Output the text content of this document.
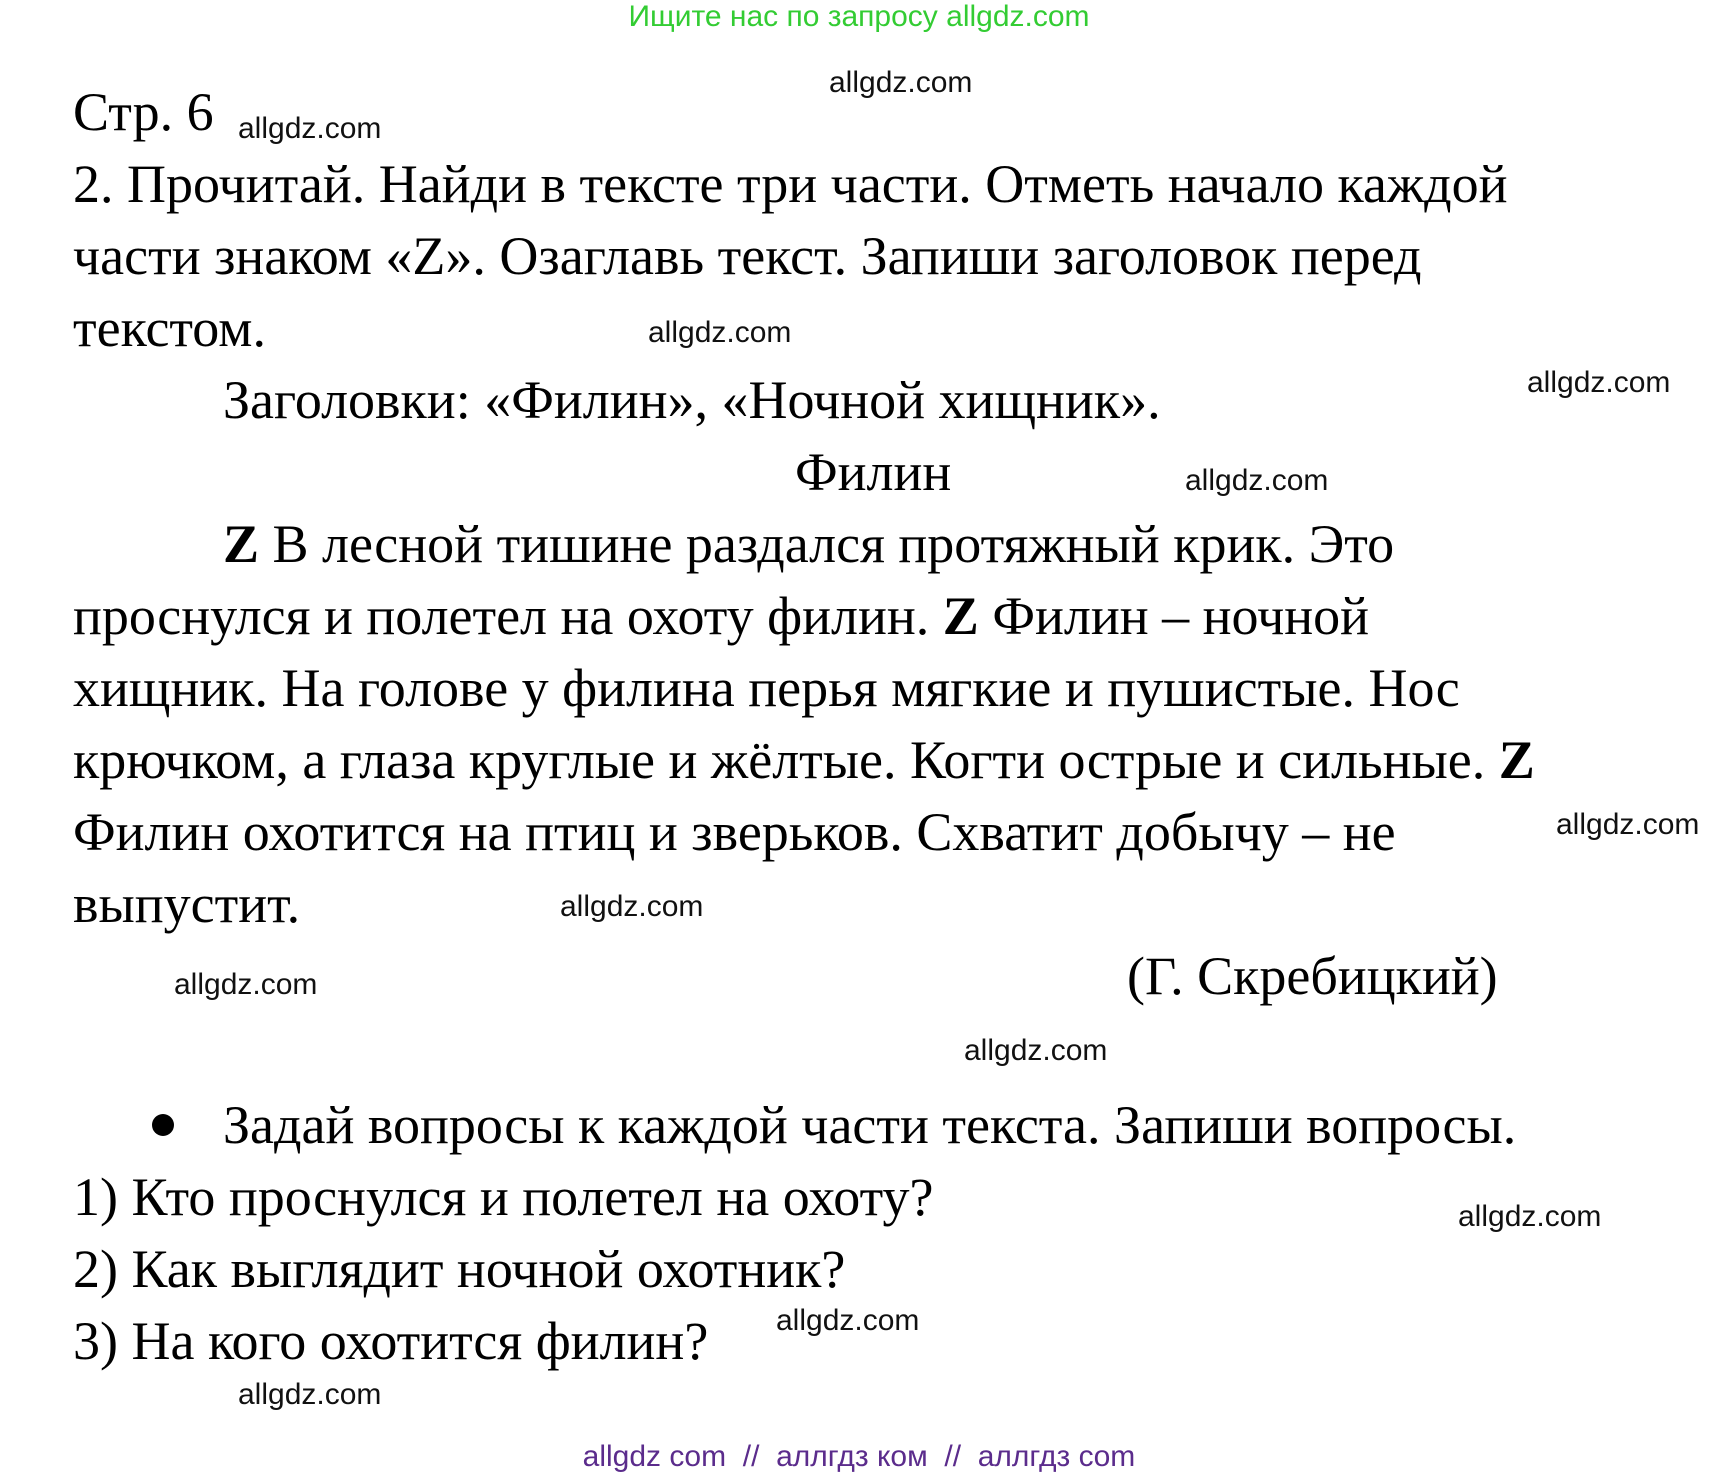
Ищите нас по запросу allgdz.com
Стр. 6
2. Прочитай. Найди в тексте три части. Отметь начало каждой
части знаком «Z». Озаглавь текст. Запиши заголовок перед
текстом.
Заголовки: «Филин», «Ночной хищник».
Филин
Z В лесной тишине раздался протяжный крик. Это
проснулся и полетел на охоту филин. Z Филин – ночной
хищник. На голове у филина перья мягкие и пушистые. Нос
крючком, а глаза круглые и жёлтые. Когти острые и сильные. Z
Филин охотится на птиц и зверьков. Схватит добычу – не
выпустит.
(Г. Скребицкий)
Задай вопросы к каждой части текста. Запиши вопросы.
1) Кто проснулся и полетел на охоту?
2) Как выглядит ночной охотник?
3) На кого охотится филин?
allgdz.com
allgdz.com
allgdz.com
allgdz.com
allgdz.com
allgdz.com
allgdz.com
allgdz.com
allgdz.com
allgdz.com
allgdz.com
allgdz.com
allgdz com  //  аллгдз ком  //  аллгдз com
